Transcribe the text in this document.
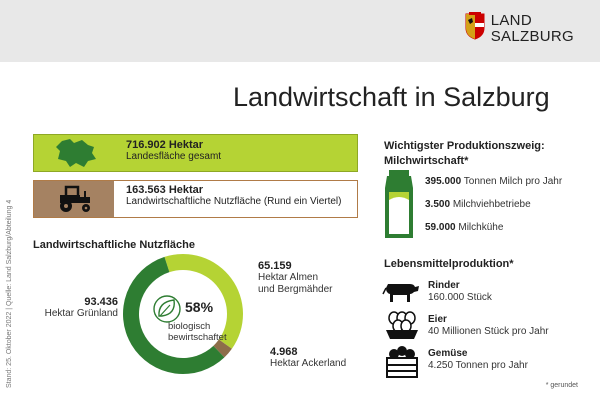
LAND
SALZBURG
Landwirtschaft in Salzburg
Stand: 25. Oktober 2022 | Quelle: Land Salzburg/Abteilung 4
716.902 Hektar
Landesfläche gesamt
163.563 Hektar
Landwirtschaftliche Nutzfläche (Rund ein Viertel)
Landwirtschaftliche Nutzfläche
58%
biologisch
bewirtschaftet
65.159
Hektar Almen
und Bergmähder
93.436
Hektar Grünland
4.968
Hektar Ackerland
Wichtigster Produktionszweig:
Milchwirtschaft*
395.000 Tonnen Milch pro Jahr
3.500 Milchviehbetriebe
59.000 Milchkühe
Lebensmittelproduktion*
Rinder
160.000 Stück
Eier
40 Millionen Stück pro Jahr
Gemüse
4.250 Tonnen pro Jahr
* gerundet
